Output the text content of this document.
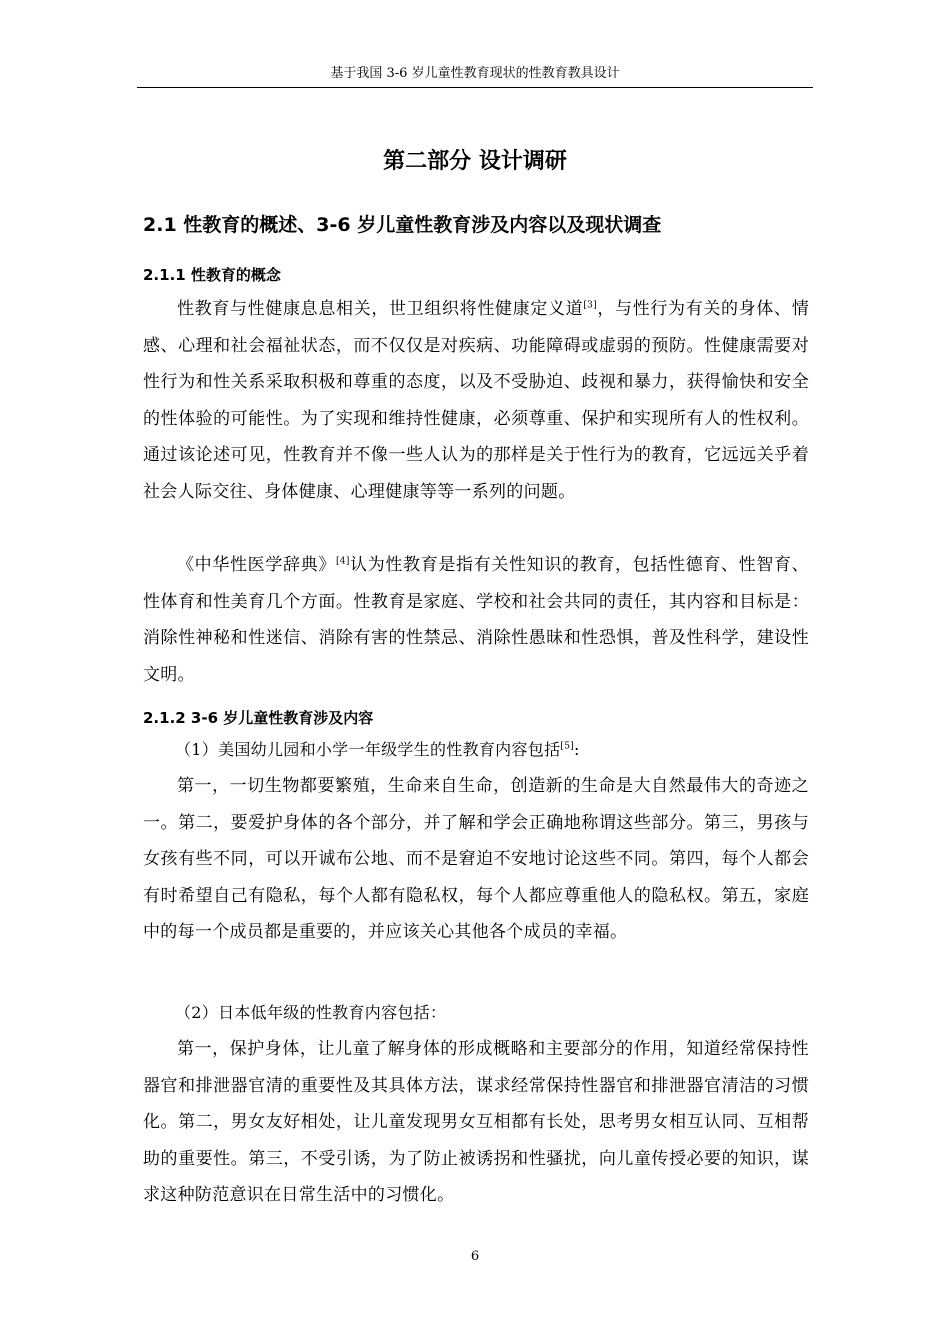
基于我国 3-6 岁儿童性教育现状的性教育教具设计
第二部分 设计调研
2.1 性教育的概述、3-6 岁儿童性教育涉及内容以及现状调查
2.1.1 性教育的概念

性教育与性健康息息相关，世卫组织将性健康定义道[3]，与性行为有关的身体、情感、心理和社会福祉状态，而不仅仅是对疾病、功能障碍或虚弱的预防。性健康需要对性行为和性关系采取积极和尊重的态度，以及不受胁迫、歧视和暴力，获得愉快和安全的性体验的可能性。为了实现和维持性健康，必须尊重、保护和实现所有人的性权利。通过该论述可见，性教育并不像一些人认为的那样是关于性行为的教育，它远远关乎着社会人际交往、身体健康、心理健康等等一系列的问题。

《中华性医学辞典》[4]认为性教育是指有关性知识的教育，包括性德育、性智育、性体育和性美育几个方面。性教育是家庭、学校和社会共同的责任，其内容和目标是：消除性神秘和性迷信、消除有害的性禁忌、消除性愚昧和性恐惧，普及性科学，建设性文明。

2.1.2 3-6 岁儿童性教育涉及内容

（1）美国幼儿园和小学一年级学生的性教育内容包括[5]:

第一，一切生物都要繁殖，生命来自生命，创造新的生命是大自然最伟大的奇迹之一。第二，要爱护身体的各个部分，并了解和学会正确地称谓这些部分。第三，男孩与女孩有些不同，可以开诚布公地、而不是窘迫不安地讨论这些不同。第四，每个人都会有时希望自己有隐私，每个人都有隐私权，每个人都应尊重他人的隐私权。第五，家庭中的每一个成员都是重要的，并应该关心其他各个成员的幸福。

（2）日本低年级的性教育内容包括：

第一，保护身体，让儿童了解身体的形成概略和主要部分的作用，知道经常保持性器官和排泄器官清的重要性及其具体方法，谋求经常保持性器官和排泄器官清洁的习惯化。第二，男女友好相处，让儿童发现男女互相都有长处，思考男女相互认同、互相帮助的重要性。第三，不受引诱，为了防止被诱拐和性骚扰，向儿童传授必要的知识，谋求这种防范意识在日常生活中的习惯化。

6
